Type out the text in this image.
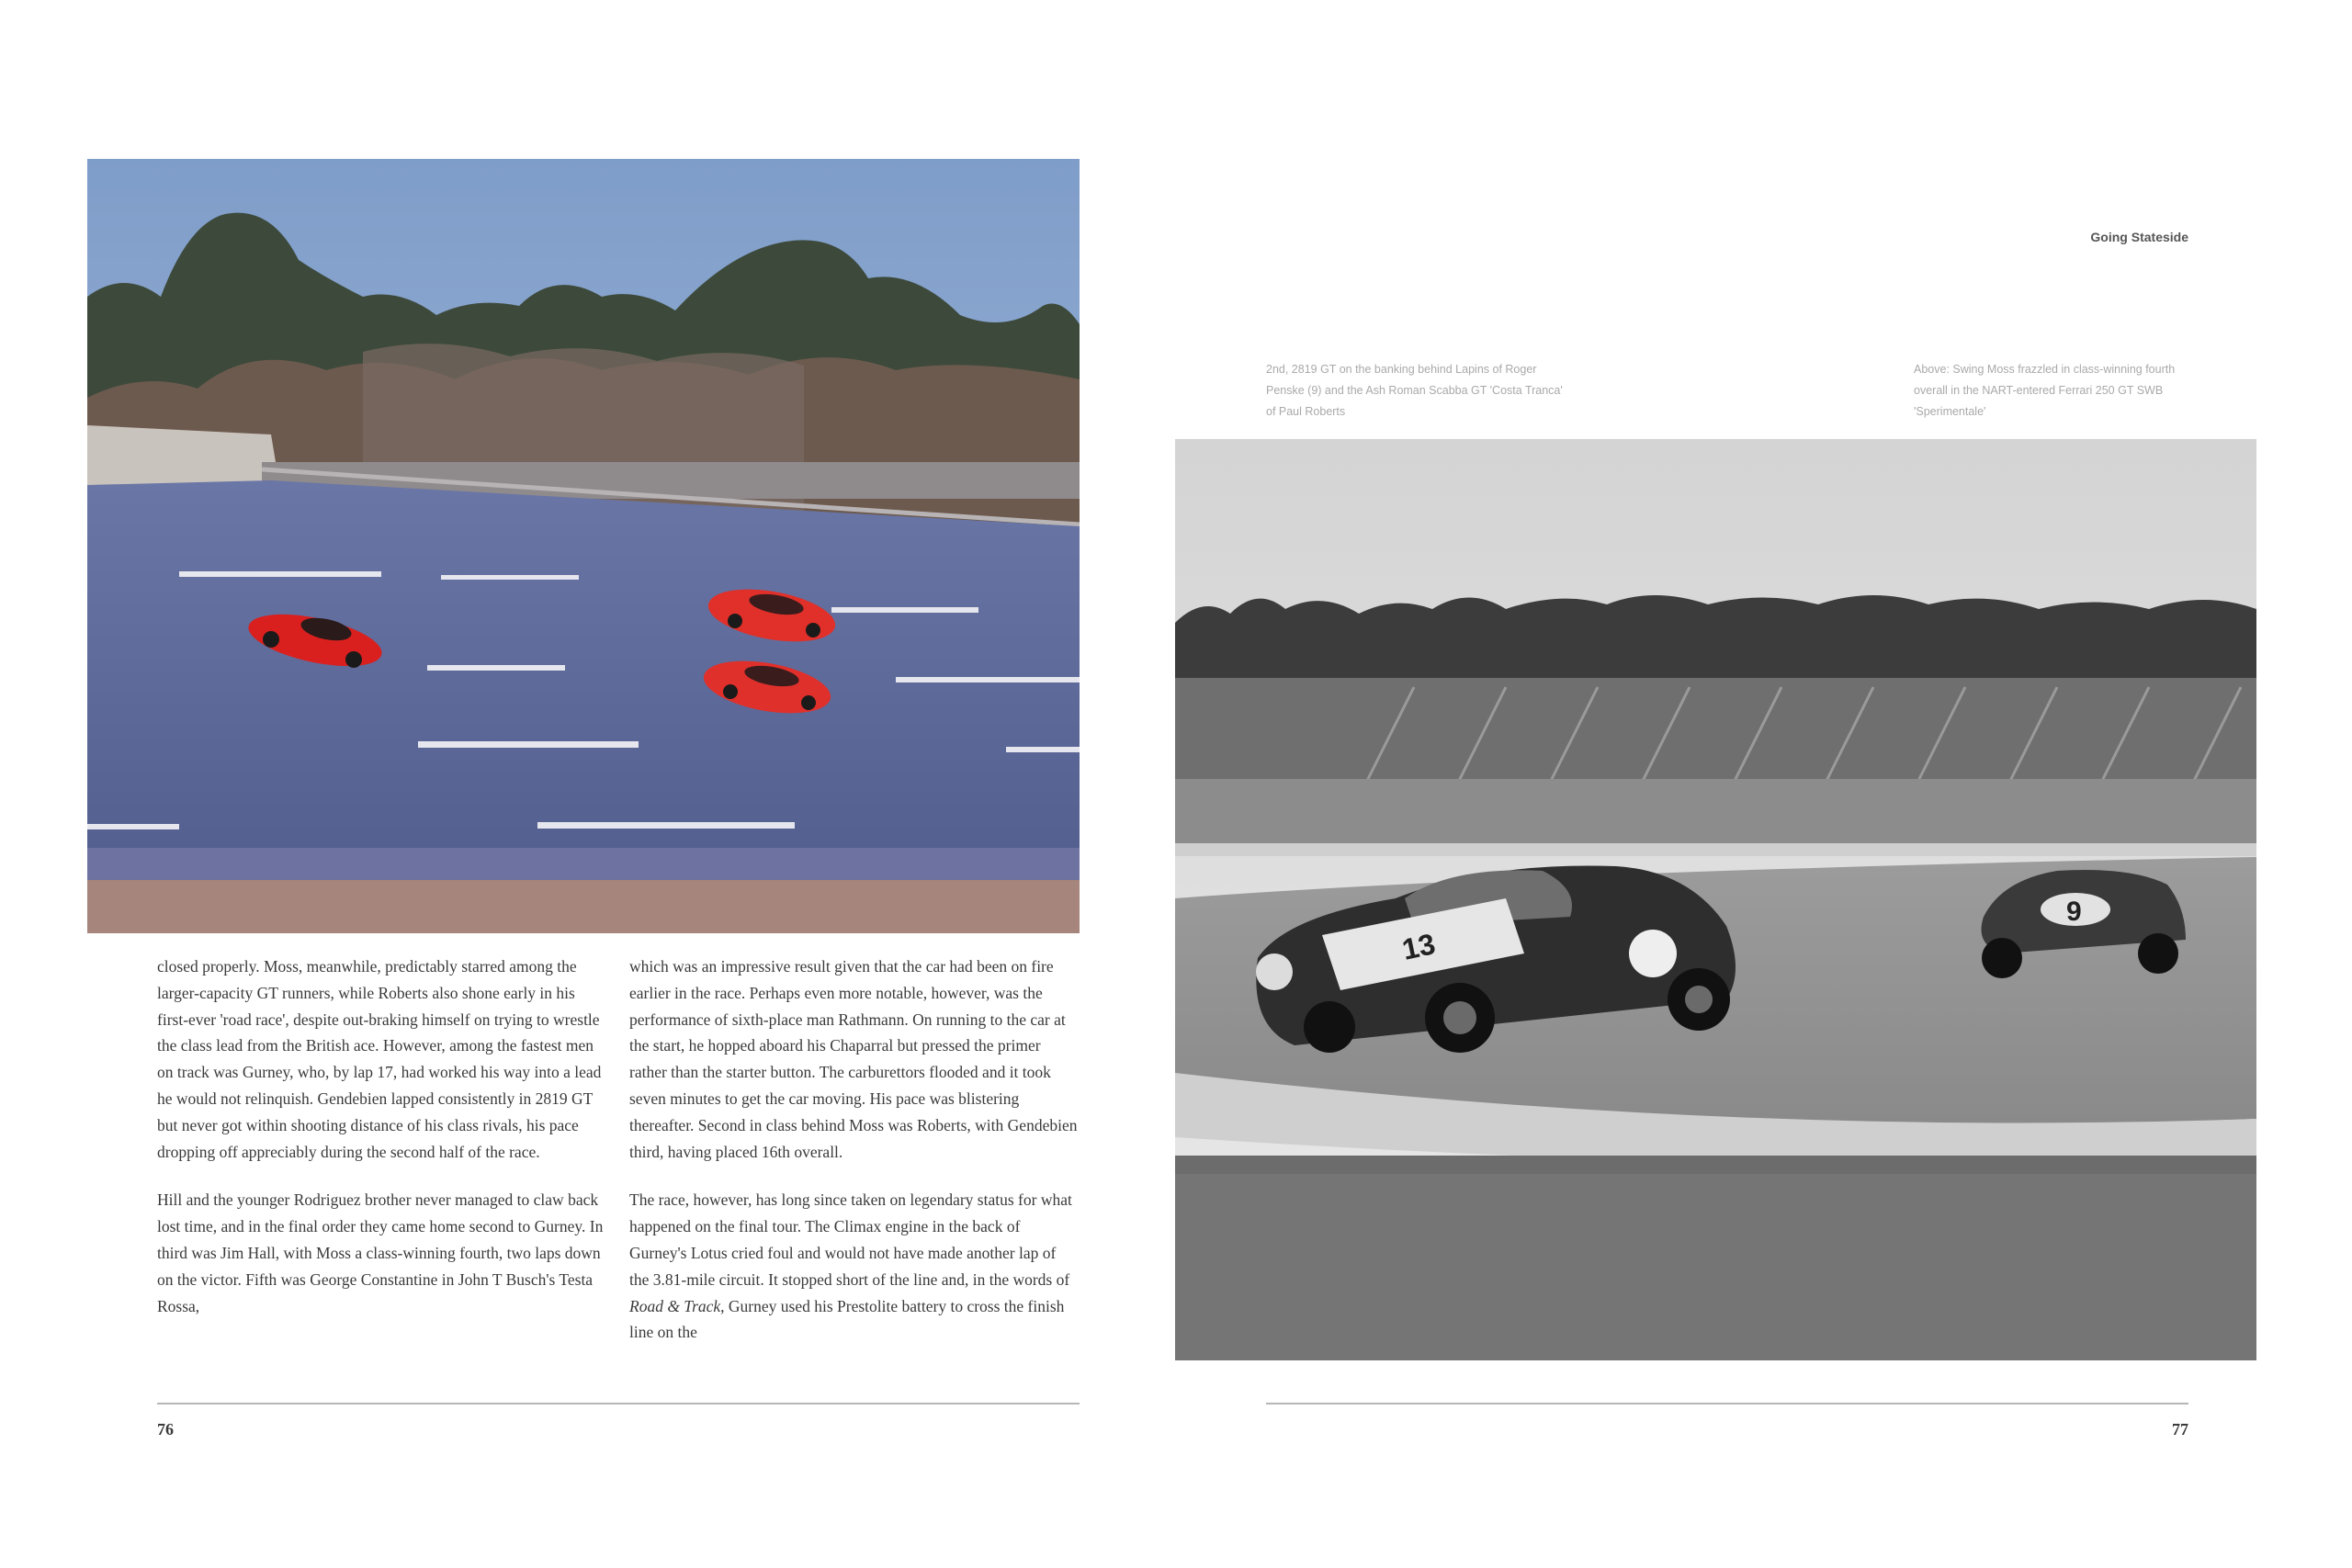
closed properly. Moss, meanwhile, predictably starred among the larger-capacity GT runners, while Roberts also shone early in his first-ever 'road race', despite out-braking himself on trying to wrestle the class lead from the British ace. However, among the fastest men on track was Gurney, who, by lap 17, had worked his way into a lead he would not relinquish. Gendebien lapped consistently in 2819 GT but never got within shooting distance of his class rivals, his pace dropping off appreciably during the second half of the race.

Hill and the younger Rodriguez brother never managed to claw back lost time, and in the final order they came home second to Gurney. In third was Jim Hall, with Moss a class-winning fourth, two laps down on the victor. Fifth was George Constantine in John T Busch's Testa Rossa,

which was an impressive result given that the car had been on fire earlier in the race. Perhaps even more notable, however, was the performance of sixth-place man Rathmann. On running to the car at the start, he hopped aboard his Chaparral but pressed the primer rather than the starter button. The carburettors flooded and it took seven minutes to get the car moving. His pace was blistering thereafter. Second in class behind Moss was Roberts, with Gendebien third, having placed 16th overall.

The race, however, has long since taken on legendary status for what happened on the final tour. The Climax engine in the back of Gurney's Lotus cried foul and would not have made another lap of the 3.81-mile circuit. It stopped short of the line and, in the words of Road & Track, Gurney used his Prestolite battery to cross the finish line on the

76
Going Stateside
2nd, 2819 GT on the banking behind Lapins of Roger Penske (9) and the Ash Roman Scabba GT 'Costa Tranca' of Paul Roberts
Above: Swing Moss frazzled in class-winning fourth overall in the NART-entered Ferrari 250 GT SWB 'Sperimentale'
13
9
77
